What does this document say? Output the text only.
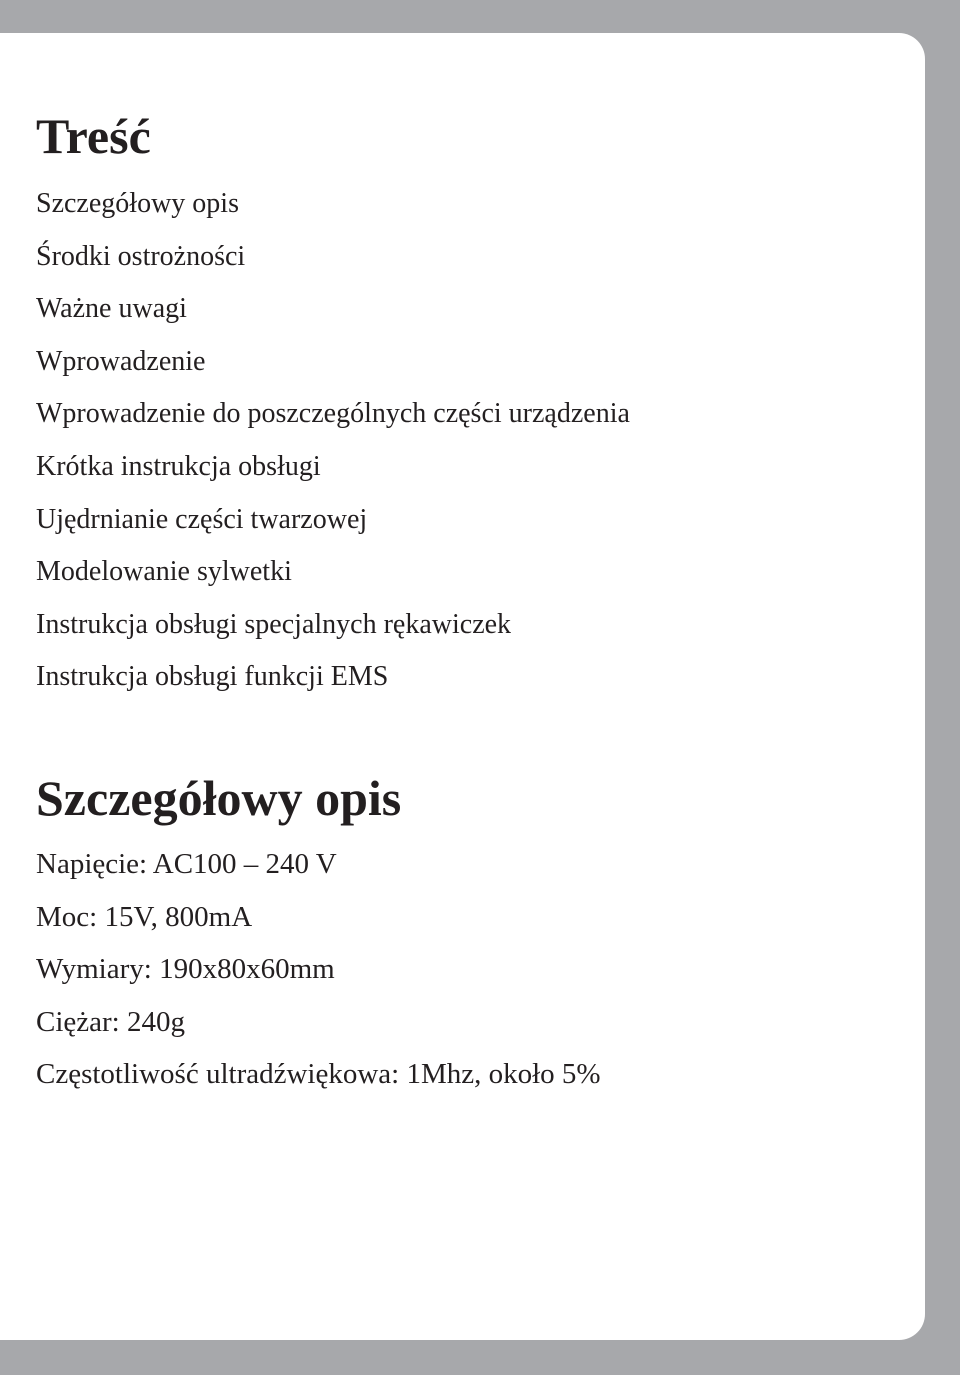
Treść
Szczegółowy opis
Środki ostrożności
Ważne uwagi
Wprowadzenie
Wprowadzenie do poszczególnych części urządzenia
Krótka instrukcja obsługi
Ujędrnianie części twarzowej
Modelowanie sylwetki
Instrukcja obsługi specjalnych rękawiczek
Instrukcja obsługi funkcji EMS
Szczegółowy opis
Napięcie: AC100 – 240 V
Moc: 15V, 800mA
Wymiary: 190x80x60mm
Ciężar: 240g
Częstotliwość ultradźwiękowa: 1Mhz, około 5%
